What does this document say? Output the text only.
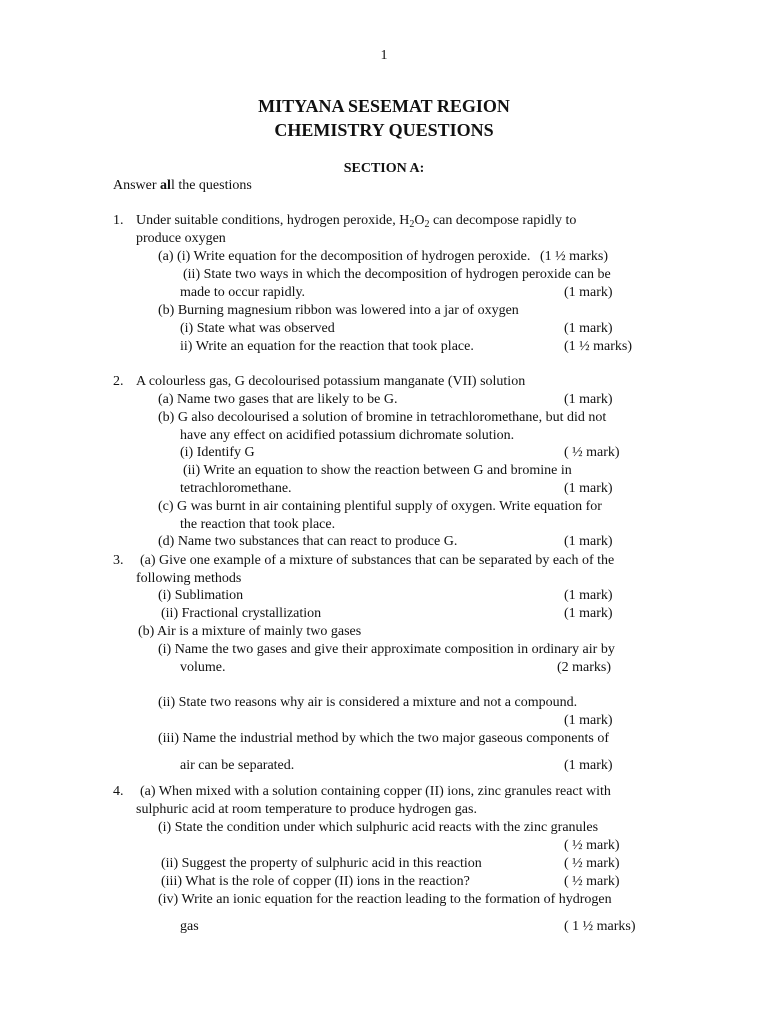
1
MITYANA SESEMAT REGION
CHEMISTRY QUESTIONS
SECTION A:
Answer all the questions
1. Under suitable conditions, hydrogen peroxide, $H_2O_2$ can decompose rapidly to
produce oxygen
(a) (i) Write equation for the decomposition of hydrogen peroxide. (1 ½ marks)
(ii) State two ways in which the decomposition of hydrogen peroxide can be
made to occur rapidly.	(1 mark)
(b) Burning magnesium ribbon was lowered into a jar of oxygen
(i) State what was observed	(1 mark)
ii) Write an equation for the reaction that took place.	(1 ½ marks)
2. A colourless gas, G decolourised potassium manganate (VII) solution
(a) Name two gases that are likely to be G.	(1 mark)
(b) G also decolourised a solution of bromine in tetrachloromethane, but did not
have any effect on acidified potassium dichromate solution.
(i) Identify G	( ½ mark)
(ii) Write an equation to show the reaction between G and bromine in
tetrachloromethane.	(1 mark)
(c) G was burnt in air containing plentiful supply of oxygen. Write equation for
the reaction that took place.
(d) Name two substances that can react to produce G.	(1 mark)
3. (a) Give one example of a mixture of substances that can be separated by each of the
following methods
(i) Sublimation	(1 mark)
(ii) Fractional crystallization	(1 mark)
(b) Air is a mixture of mainly two gases
(i) Name the two gases and give their approximate composition in ordinary air by
volume.	(2 marks)
(ii) State two reasons why air is considered a mixture and not a compound.
(1 mark)
(iii) Name the industrial method by which the two major gaseous components of
air can be separated.	(1 mark)
4. (a) When mixed with a solution containing copper (II) ions, zinc granules react with
sulphuric acid at room temperature to produce hydrogen gas.
(i) State the condition under which sulphuric acid reacts with the zinc granules
( ½ mark)
(ii) Suggest the property of sulphuric acid in this reaction	( ½ mark)
(iii) What is the role of copper (II) ions in the reaction?	( ½ mark)
(iv) Write an ionic equation for the reaction leading to the formation of hydrogen
gas	( 1 ½ marks)
